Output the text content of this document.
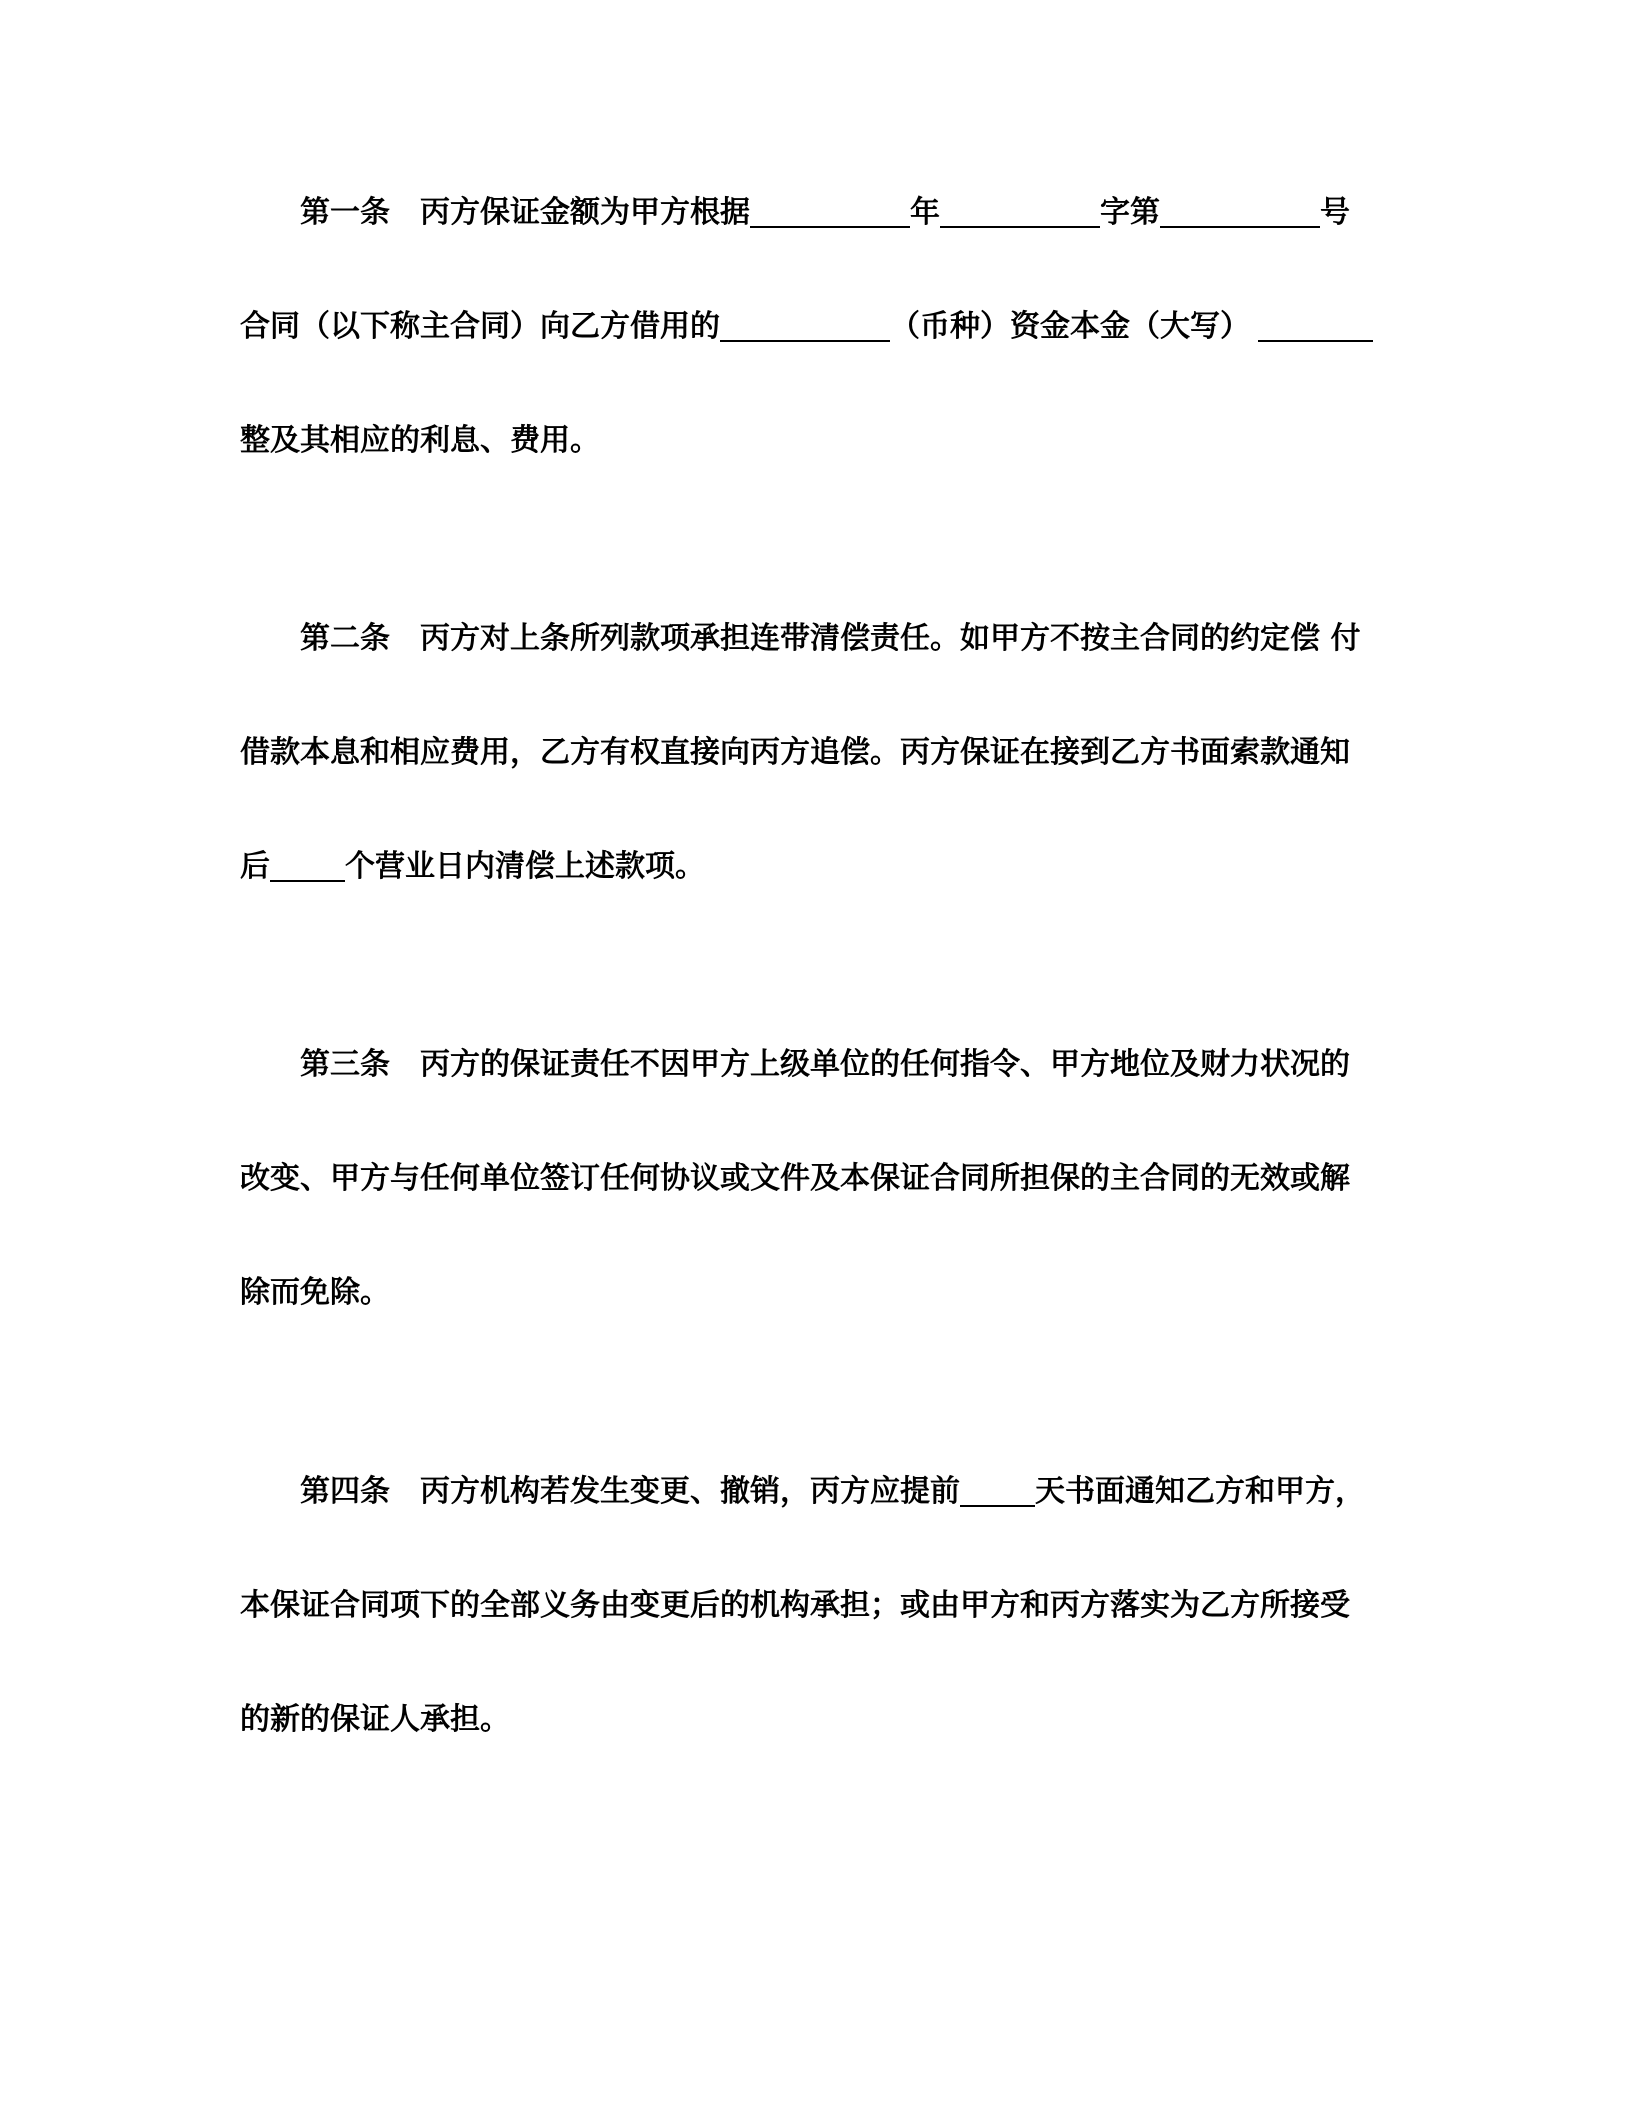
第一条 丙方保证金额为甲方根据	年	字第	号
合同（以下称主合同）向乙方借用的	（币种）资金本金（大写）
整及其相应的利息、费用。
第二条 丙方对上条所列款项承担连带清偿责任。如甲方不按主合同的约定偿 付
借款本息和相应费用，乙方有权直接向丙方追偿。丙方保证在接到乙方书面索款通知
后	个营业日内清偿上述款项。
第三条 丙方的保证责任不因甲方上级单位的任何指令、甲方地位及财力状况的
改变、甲方与任何单位签订任何协议或文件及本保证合同所担保的主合同的无效或解
除而免除。
第四条 丙方机构若发生变更、撤销，丙方应提前	天书面通知乙方和甲方，
本保证合同项下的全部义务由变更后的机构承担；或由甲方和丙方落实为乙方所接受
的新的保证人承担。
